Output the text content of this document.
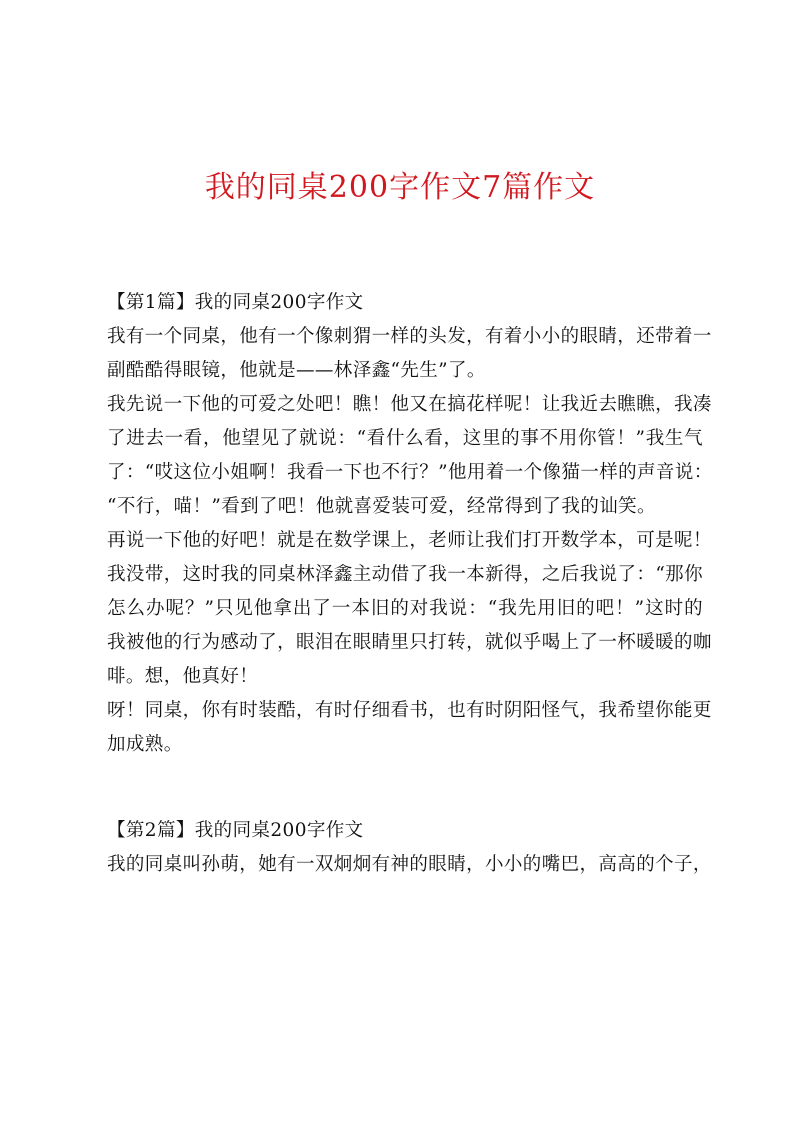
我的同桌200字作文7篇作文

【第1篇】我的同桌200字作文

我有一个同桌，他有一个像刺猬一样的头发，有着小小的眼睛，还带着一
副酷酷得眼镜，他就是——林泽鑫“先生”了。

我先说一下他的可爱之处吧！瞧！他又在搞花样呢！让我近去瞧瞧，我凑
了进去一看，他望见了就说：“看什么看，这里的事不用你管！”我生气
了：“哎这位小姐啊！我看一下也不行？”他用着一个像猫一样的声音说：
“不行，喵！”看到了吧！他就喜爱装可爱，经常得到了我的讪笑。

再说一下他的好吧！就是在数学课上，老师让我们打开数学本，可是呢！
我没带，这时我的同桌林泽鑫主动借了我一本新得，之后我说了：“那你
怎么办呢？”只见他拿出了一本旧的对我说：“我先用旧的吧！”这时的
我被他的行为感动了，眼泪在眼睛里只打转，就似乎喝上了一杯暖暖的咖
啡。想，他真好！

呀！同桌，你有时装酷，有时仔细看书，也有时阴阳怪气，我希望你能更
加成熟。

【第2篇】我的同桌200字作文

我的同桌叫孙萌，她有一双炯炯有神的眼睛，小小的嘴巴，高高的个子，
